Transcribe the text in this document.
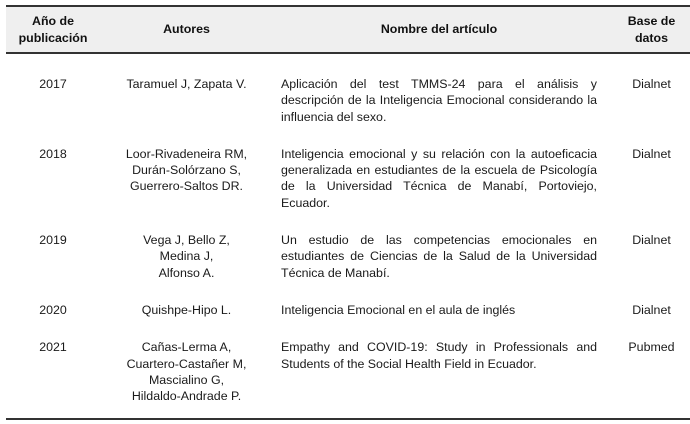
Año de
publicación	Autores	Nombre del artículo	Base de
datos

2017	Taramuel J, Zapata V.	Aplicación del test TMMS-24 para el análisis y descripción de la Inteligencia Emocional considerando la influencia del sexo.	Dialnet
2018	Loor-Rivadeneira RM,
Durán-Solórzano S,
Guerrero-Saltos DR.	Inteligencia emocional y su relación con la autoeficacia generalizada en estudiantes de la escuela de Psicología de la Universidad Técnica de Manabí, Portoviejo, Ecuador.	Dialnet
2019	Vega J, Bello Z,
Medina J,
Alfonso A.	Un estudio de las competencias emocionales en estudiantes de Ciencias de la Salud de la Universidad Técnica de Manabí.	Dialnet
2020	Quishpe-Hipo L.	Inteligencia Emocional en el aula de inglés	Dialnet
2021	Cañas-Lerma A,
Cuartero-Castañer M,
Mascialino G,
Hildaldo-Andrade P.	Empathy and COVID-19: Study in Professionals and Students of the Social Health Field in Ecuador.	Pubmed
